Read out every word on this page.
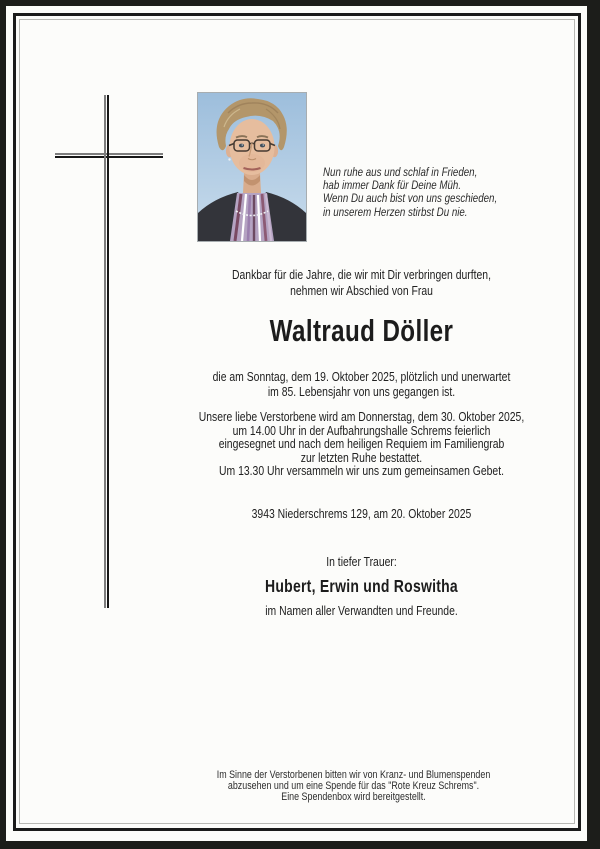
Nun ruhe aus und schlaf in Frieden,
hab immer Dank für Deine Müh.
Wenn Du auch bist von uns geschieden,
in unserem Herzen stirbst Du nie.
Dankbar für die Jahre, die wir mit Dir verbringen durften,
nehmen wir Abschied von Frau
Waltraud Döller
die am Sonntag, dem 19. Oktober 2025, plötzlich und unerwartet
im 85. Lebensjahr von uns gegangen ist.
Unsere liebe Verstorbene wird am Donnerstag, dem 30. Oktober 2025,
um 14.00 Uhr in der Aufbahrungshalle Schrems feierlich
eingesegnet und nach dem heiligen Requiem im Familiengrab
zur letzten Ruhe bestattet.
Um 13.30 Uhr versammeln wir uns zum gemeinsamen Gebet.
3943 Niederschrems 129, am 20. Oktober 2025
In tiefer Trauer:
Hubert, Erwin und Roswitha
im Namen aller Verwandten und Freunde.
Im Sinne der Verstorbenen bitten wir von Kranz- und Blumenspenden
abzusehen und um eine Spende für das "Rote Kreuz Schrems".
Eine Spendenbox wird bereitgestellt.
